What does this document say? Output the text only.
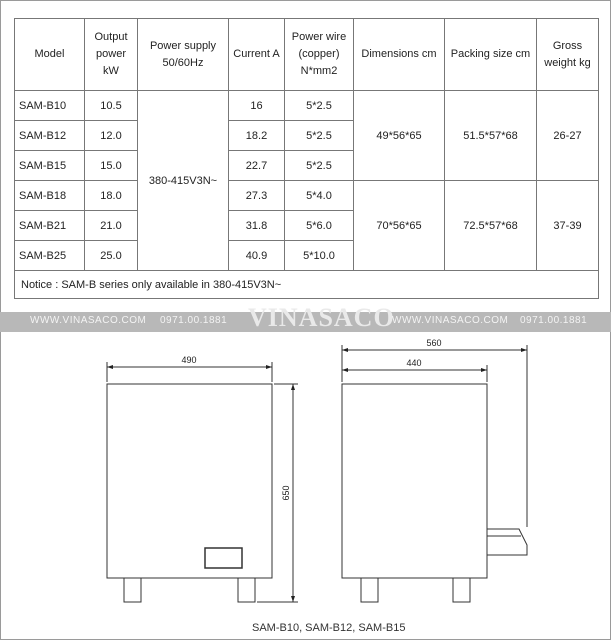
Model	Output power kW	Power supply 50/60Hz	Current A	Power wire (copper) N*mm2	Dimensions cm	Packing size cm	Gross weight kg
SAM-B10	10.5	380-415V3N~	16	5*2.5	49*56*65	51.5*57*68	26-27
SAM-B12	12.0		18.2	5*2.5			
SAM-B15	15.0		22.7	5*2.5			
SAM-B18	18.0		27.3	5*4.0	70*56*65	72.5*57*68	37-39
SAM-B21	21.0		31.8	5*6.0			
SAM-B25	25.0		40.9	5*10.0			
Notice : SAM-B series only available in 380-415V3N~							
WWW.VINASACO.COM 0971.00.1881 VINASACO
WWW.VINASACO.COM 0971.00.1881
490
650
560
440
SAM-B10, SAM-B12, SAM-B15
